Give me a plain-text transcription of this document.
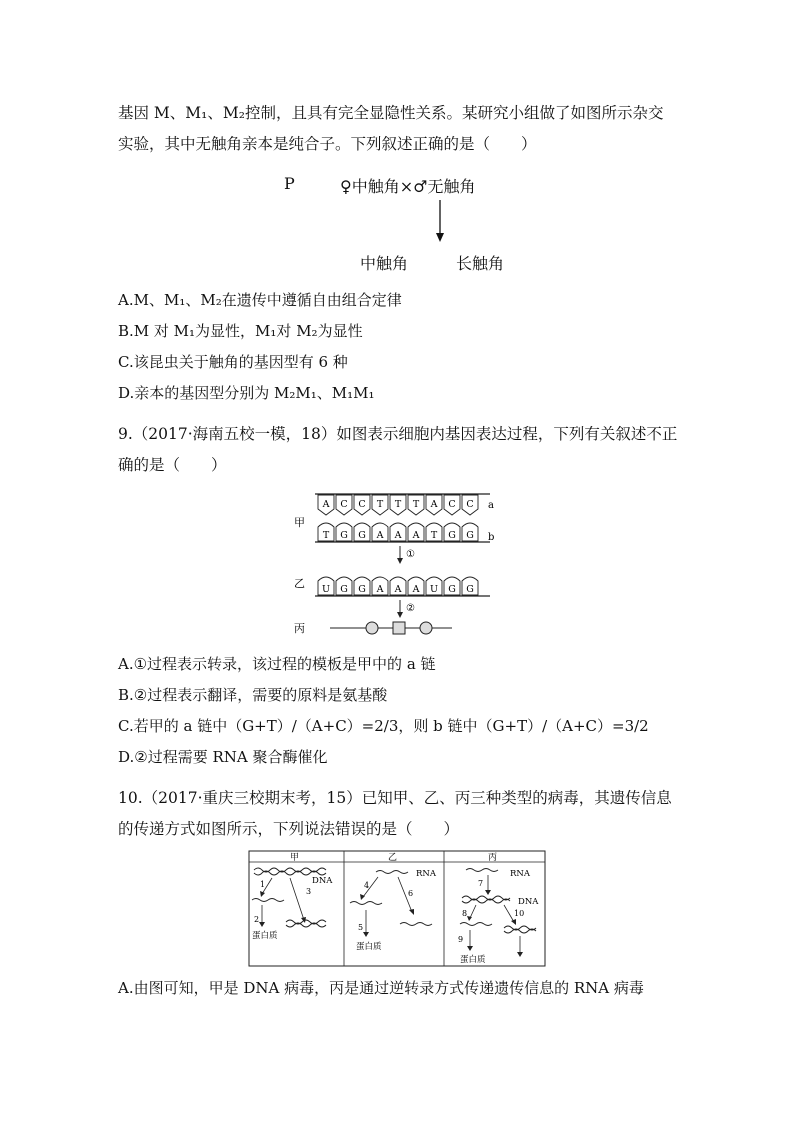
基因 M、M₁、M₂控制，且具有完全显隐性关系。某研究小组做了如图所示杂交
实验，其中无触角亲本是纯合子。下列叙述正确的是（　　）
P	♀中触角×♂无触角
中触角	长触角
A.M、M₁、M₂在遗传中遵循自由组合定律
B.M 对 M₁为显性，M₁对 M₂为显性
C.该昆虫关于触角的基因型有 6 种
D.亲本的基因型分别为 M₂M₁、M₁M₁
9.（2017·海南五校一模，18）如图表示细胞内基因表达过程，下列有关叙述不正
确的是（　　）
甲
乙
丙
a
b
A C C T T T A C C
T G G A A A T G G
①
U G G A A A U G G
②
A.①过程表示转录，该过程的模板是甲中的 a 链
B.②过程表示翻译，需要的原料是氨基酸
C.若甲的 a 链中（G+T）/（A+C）=2/3，则 b 链中（G+T）/（A+C）=3/2
D.②过程需要 RNA 聚合酶催化
10.（2017·重庆三校期末考，15）已知甲、乙、丙三种类型的病毒，其遗传信息
的传递方式如图所示，下列说法错误的是（　　）
甲	乙	丙
DNA
1
3
2
蛋白质
RNA
4
6
5
蛋白质
RNA
7
DNA
8	10
9
蛋白质
A.由图可知，甲是 DNA 病毒，丙是通过逆转录方式传递遗传信息的 RNA 病毒
